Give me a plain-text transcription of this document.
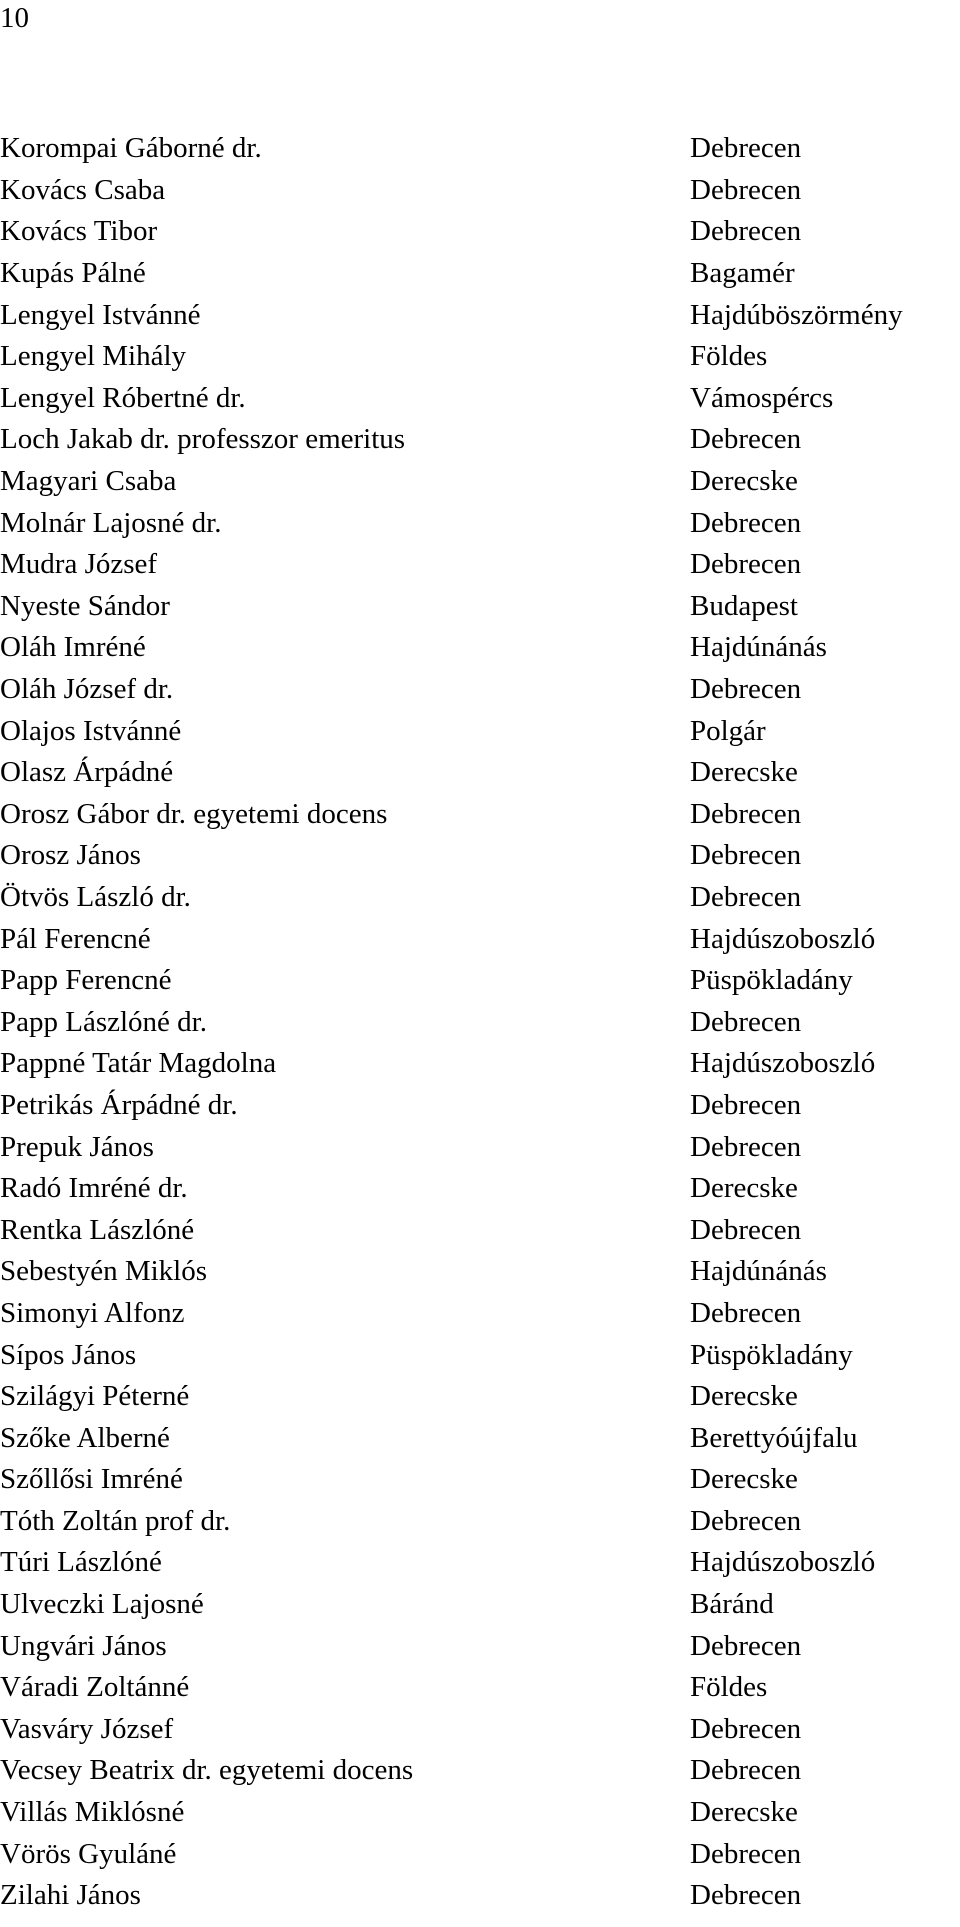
10
Korompai Gáborné dr.	Debrecen
Kovács Csaba	Debrecen
Kovács Tibor	Debrecen
Kupás Pálné	Bagamér
Lengyel Istvánné	Hajdúböszörmény
Lengyel Mihály	Földes
Lengyel Róbertné dr.	Vámospércs
Loch Jakab dr. professzor emeritus	Debrecen
Magyari Csaba	Derecske
Molnár Lajosné dr.	Debrecen
Mudra József	Debrecen
Nyeste Sándor	Budapest
Oláh Imréné	Hajdúnánás
Oláh József dr.	Debrecen
Olajos Istvánné	Polgár
Olasz Árpádné	Derecske
Orosz Gábor dr. egyetemi docens	Debrecen
Orosz János	Debrecen
Ötvös László dr.	Debrecen
Pál Ferencné	Hajdúszoboszló
Papp Ferencné	Püspökladány
Papp Lászlóné dr.	Debrecen
Pappné Tatár Magdolna	Hajdúszoboszló
Petrikás Árpádné dr.	Debrecen
Prepuk János	Debrecen
Radó Imréné dr.	Derecske
Rentka Lászlóné	Debrecen
Sebestyén Miklós	Hajdúnánás
Simonyi Alfonz	Debrecen
Sípos János	Püspökladány
Szilágyi Péterné	Derecske
Szőke Alberné	Berettyóújfalu
Szőllősi Imréné	Derecske
Tóth Zoltán prof dr.	Debrecen
Túri Lászlóné	Hajdúszoboszló
Ulveczki Lajosné	Báránd
Ungvári János	Debrecen
Váradi Zoltánné	Földes
Vasváry József	Debrecen
Vecsey Beatrix dr. egyetemi docens	Debrecen
Villás Miklósné	Derecske
Vörös Gyuláné	Debrecen
Zilahi János	Debrecen
